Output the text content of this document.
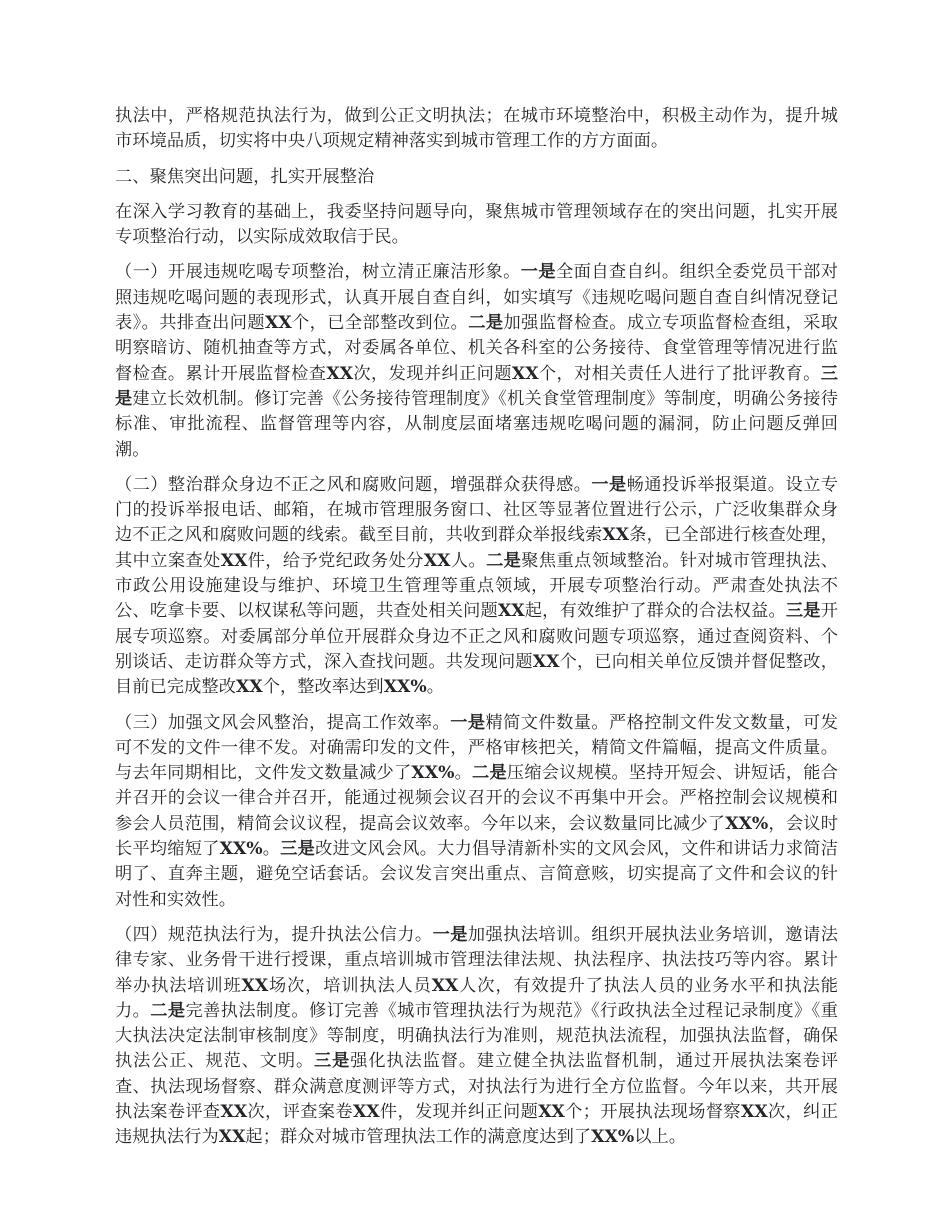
执法中，严格规范执法行为，做到公正文明执法；在城市环境整治中，积极主动作为，提升城市环境品质，切实将中央八项规定精神落实到城市管理工作的方方面面。

二、聚焦突出问题，扎实开展整治

在深入学习教育的基础上，我委坚持问题导向，聚焦城市管理领域存在的突出问题，扎实开展专项整治行动，以实际成效取信于民。

（一）开展违规吃喝专项整治，树立清正廉洁形象。一是全面自查自纠。组织全委党员干部对照违规吃喝问题的表现形式，认真开展自查自纠，如实填写《违规吃喝问题自查自纠情况登记表》。共排查出问题XX个，已全部整改到位。二是加强监督检查。成立专项监督检查组，采取明察暗访、随机抽查等方式，对委属各单位、机关各科室的公务接待、食堂管理等情况进行监督检查。累计开展监督检查XX次，发现并纠正问题XX个，对相关责任人进行了批评教育。三是建立长效机制。修订完善《公务接待管理制度》《机关食堂管理制度》等制度，明确公务接待标准、审批流程、监督管理等内容，从制度层面堵塞违规吃喝问题的漏洞，防止问题反弹回潮。

（二）整治群众身边不正之风和腐败问题，增强群众获得感。一是畅通投诉举报渠道。设立专门的投诉举报电话、邮箱，在城市管理服务窗口、社区等显著位置进行公示，广泛收集群众身边不正之风和腐败问题的线索。截至目前，共收到群众举报线索XX条，已全部进行核查处理，其中立案查处XX件，给予党纪政务处分XX人。二是聚焦重点领域整治。针对城市管理执法、市政公用设施建设与维护、环境卫生管理等重点领域，开展专项整治行动。严肃查处执法不公、吃拿卡要、以权谋私等问题，共查处相关问题XX起，有效维护了群众的合法权益。三是开展专项巡察。对委属部分单位开展群众身边不正之风和腐败问题专项巡察，通过查阅资料、个别谈话、走访群众等方式，深入查找问题。共发现问题XX个，已向相关单位反馈并督促整改，目前已完成整改XX个，整改率达到XX%。

（三）加强文风会风整治，提高工作效率。一是精简文件数量。严格控制文件发文数量，可发可不发的文件一律不发。对确需印发的文件，严格审核把关，精简文件篇幅，提高文件质量。与去年同期相比，文件发文数量减少了XX%。二是压缩会议规模。坚持开短会、讲短话，能合并召开的会议一律合并召开，能通过视频会议召开的会议不再集中开会。严格控制会议规模和参会人员范围，精简会议议程，提高会议效率。今年以来，会议数量同比减少了XX%，会议时长平均缩短了XX%。三是改进文风会风。大力倡导清新朴实的文风会风，文件和讲话力求简洁明了、直奔主题，避免空话套话。会议发言突出重点、言简意赅，切实提高了文件和会议的针对性和实效性。

（四）规范执法行为，提升执法公信力。一是加强执法培训。组织开展执法业务培训，邀请法律专家、业务骨干进行授课，重点培训城市管理法律法规、执法程序、执法技巧等内容。累计举办执法培训班XX场次，培训执法人员XX人次，有效提升了执法人员的业务水平和执法能力。二是完善执法制度。修订完善《城市管理执法行为规范》《行政执法全过程记录制度》《重大执法决定法制审核制度》等制度，明确执法行为准则，规范执法流程，加强执法监督，确保执法公正、规范、文明。三是强化执法监督。建立健全执法监督机制，通过开展执法案卷评查、执法现场督察、群众满意度测评等方式，对执法行为进行全方位监督。今年以来，共开展执法案卷评查XX次，评查案卷XX件，发现并纠正问题XX个；开展执法现场督察XX次，纠正违规执法行为XX起；群众对城市管理执法工作的满意度达到了XX%以上。
